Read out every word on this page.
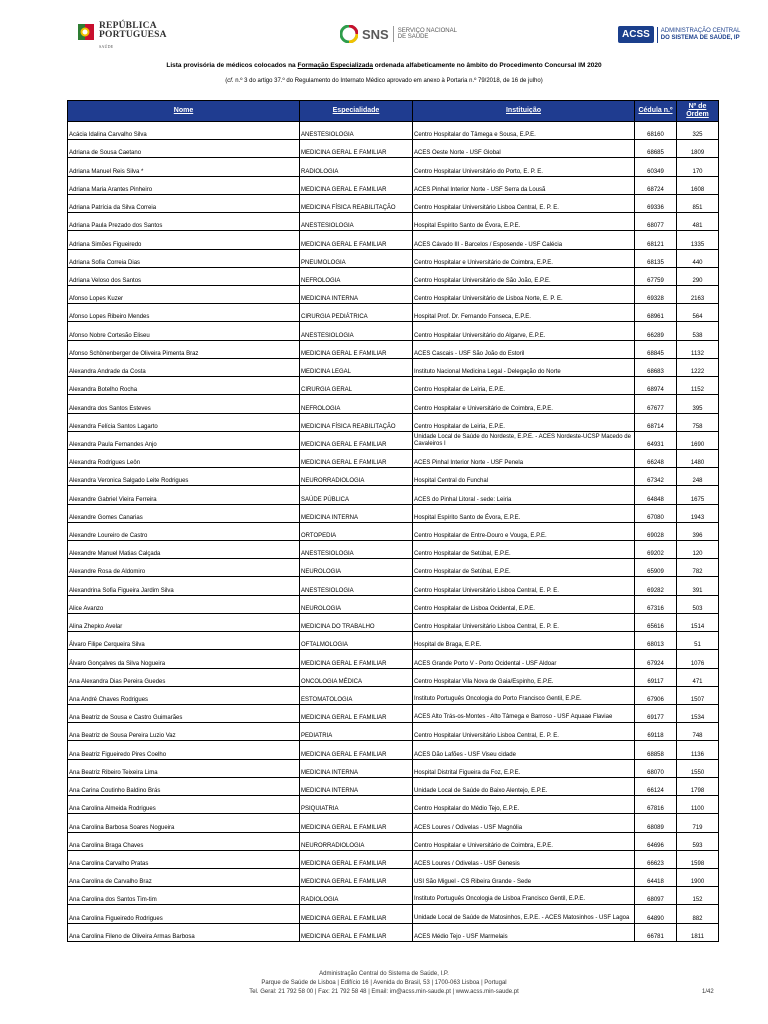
REPÚBLICA
PORTUGUESA
SAÚDE
SNS SERVIÇO NACIONAL
DE SAÚDE	ACSS	ADMINISTRAÇÃO CENTRAL
DO SISTEMA DE SAÚDE, IP
Lista provisória de médicos colocados na Formação Especializada ordenada alfabeticamente no âmbito do Procedimento Concursal IM 2020
(cf. n.º 3 do artigo 37.º do Regulamento do Internato Médico aprovado em anexo à Portaria n.º 79/2018, de 16 de julho)
Nome	Especialidade	Instituição	Cédula n.º	Nº de Ordem
Acácia Idalina Carvalho Silva	ANESTESIOLOGIA	Centro Hospitalar do Tâmega e Sousa, E.P.E.	68160	325
Adriana de Sousa Caetano	MEDICINA GERAL E FAMILIAR	ACES Oeste Norte - USF Global	68685	1809
Adriana Manuel Reis Silva *	RADIOLOGIA	Centro Hospitalar Universitário do Porto, E. P. E.	60349	170
Adriana Maria Arantes Pinheiro	MEDICINA GERAL E FAMILIAR	ACES Pinhal Interior Norte - USF Serra da Lousã	68724	1608
Adriana Patrícia da Silva Correia	MEDICINA FÍSICA REABILITAÇÃO	Centro Hospitalar Universitário Lisboa Central, E. P. E.	69336	851
Adriana Paula Prezado dos Santos	ANESTESIOLOGIA	Hospital Espírito Santo de Évora, E.P.E.	68077	481
Adriana Simões Figueiredo	MEDICINA GERAL E FAMILIAR	ACES Cávado III - Barcelos / Esposende - USF Calécia	68121	1335
Adriana Sofia Correia Dias	PNEUMOLOGIA	Centro Hospitalar e Universitário de Coimbra, E.P.E.	68135	440
Adriana Veloso dos Santos	NEFROLOGIA	Centro Hospitalar Universitário de São João, E.P.E.	67759	290
Afonso Lopes Kuzer	MEDICINA INTERNA	Centro Hospitalar Universitário de Lisboa Norte, E. P. E.	69328	2163
Afonso Lopes Ribeiro Mendes	CIRURGIA PEDIÁTRICA	Hospital Prof. Dr. Fernando Fonseca, E.P.E.	68961	564
Afonso Nobre Cortesão Eliseu	ANESTESIOLOGIA	Centro Hospitalar Universitário do Algarve, E.P.E.	66289	538
Afonso Schönenberger de Oliveira Pimenta Braz	MEDICINA GERAL E FAMILIAR	ACES Cascais - USF São João do Estoril	68845	1132
Alexandra Andrade da Costa	MEDICINA LEGAL	Instituto Nacional Medicina Legal - Delegação do Norte	68683	1222
Alexandra Botelho Rocha	CIRURGIA GERAL	Centro Hospitalar de Leiria, E.P.E.	68974	1152
Alexandra dos Santos Esteves	NEFROLOGIA	Centro Hospitalar e Universitário de Coimbra, E.P.E.	67677	395
Alexandra Felícia Santos Lagarto	MEDICINA FÍSICA REABILITAÇÃO	Centro Hospitalar de Leiria, E.P.E.	68714	758
Alexandra Paula Fernandes Anjo	MEDICINA GERAL E FAMILIAR	Unidade Local de Saúde do Nordeste, E.P.E. - ACES Nordeste-UCSP Macedo de Cavaleiros I	64931	1690
Alexandra Rodrigues Leôn	MEDICINA GERAL E FAMILIAR	ACES Pinhal Interior Norte - USF Penela	66248	1480
Alexandra Veronica Salgado Leite Rodrigues	NEURORRADIOLOGIA	Hospital Central do Funchal	67342	248
Alexandre Gabriel Vieira Ferreira	SAÚDE PÚBLICA	ACES do Pinhal Litoral - sede: Leiria	64848	1675
Alexandre Gomes Canarias	MEDICINA INTERNA	Hospital Espírito Santo de Évora, E.P.E.	67080	1943
Alexandre Loureiro de Castro	ORTOPEDIA	Centro Hospitalar de Entre-Douro e Vouga, E.P.E.	69028	396
Alexandre Manuel Matias Calçada	ANESTESIOLOGIA	Centro Hospitalar de Setúbal, E.P.E.	69202	120
Alexandre Rosa de Aldomiro	NEUROLOGIA	Centro Hospitalar de Setúbal, E.P.E.	65909	782
Alexandrina Sofia Figueira Jardim Silva	ANESTESIOLOGIA	Centro Hospitalar Universitário Lisboa Central, E. P. E.	69282	391
Alice Avanzo	NEUROLOGIA	Centro Hospitalar de Lisboa Ocidental, E.P.E.	67316	503
Alina Zhepko Avelar	MEDICINA DO TRABALHO	Centro Hospitalar Universitário Lisboa Central, E. P. E.	65616	1514
Álvaro Filipe Cerqueira Silva	OFTALMOLOGIA	Hospital de Braga, E.P.E.	68013	51
Álvaro Gonçalves da Silva Nogueira	MEDICINA GERAL E FAMILIAR	ACES Grande Porto V - Porto Ocidental - USF Aldoar	67924	1076
Ana Alexandra Dias Pereira Guedes	ONCOLOGIA MÉDICA	Centro Hospitalar Vila Nova de Gaia/Espinho, E.P.E.	69117	471
Ana André Chaves Rodrigues	ESTOMATOLOGIA	Instituto Português Oncologia do Porto Francisco Gentil, E.P.E.	67906	1507
Ana Beatriz de Sousa e Castro Guimarães	MEDICINA GERAL E FAMILIAR	ACES Alto Trás-os-Montes - Alto Tâmega e Barroso - USF Aquaae Flaviae	69177	1534
Ana Beatriz de Sousa Pereira Luzio Vaz	PEDIATRIA	Centro Hospitalar Universitário Lisboa Central, E. P. E.	69118	748
Ana Beatriz Figueiredo Pires Coelho	MEDICINA GERAL E FAMILIAR	ACES Dão Lafões - USF Viseu cidade	68858	1136
Ana Beatriz Ribeiro Teixeira Lima	MEDICINA INTERNA	Hospital Distrital Figueira da Foz, E.P.E.	68070	1550
Ana Carina Coutinho Baldino Brás	MEDICINA INTERNA	Unidade Local de Saúde do Baixo Alentejo, E.P.E.	66124	1798
Ana Carolina Almeida Rodrigues	PSIQUIATRIA	Centro Hospitalar do Médio Tejo, E.P.E.	67816	1100
Ana Carolina Barbosa Soares Nogueira	MEDICINA GERAL E FAMILIAR	ACES Loures / Odivelas - USF Magnólia	68089	719
Ana Carolina Braga Chaves	NEURORRADIOLOGIA	Centro Hospitalar e Universitário de Coimbra, E.P.E.	64696	593
Ana Carolina Carvalho Pratas	MEDICINA GERAL E FAMILIAR	ACES Loures / Odivelas - USF Genesis	66623	1598
Ana Carolina de Carvalho Braz	MEDICINA GERAL E FAMILIAR	USI São Miguel - CS Ribeira Grande - Sede	64418	1900
Ana Carolina dos Santos Tim-tim	RADIOLOGIA	Instituto Português Oncologia de Lisboa Francisco Gentil, E.P.E.	68097	152
Ana Carolina Figueiredo Rodrigues	MEDICINA GERAL E FAMILIAR	Unidade Local de Saúde de Matosinhos, E.P.E. - ACES Matosinhos - USF Lagoa	64890	882
Ana Carolina Fileno de Oliveira Armas Barbosa	MEDICINA GERAL E FAMILIAR	ACES Médio Tejo - USF Marmelais	66781	1811
Administração Central do Sistema de Saúde, I.P.
Parque de Saúde de Lisboa | Edifício 16 | Avenida do Brasil, 53 | 1700-063 Lisboa | Portugal
Tel. Geral: 21 792 58 00 | Fax: 21 792 58 48 | Email: im@acss.min-saude.pt | www.acss.min-saude.pt	1/42
